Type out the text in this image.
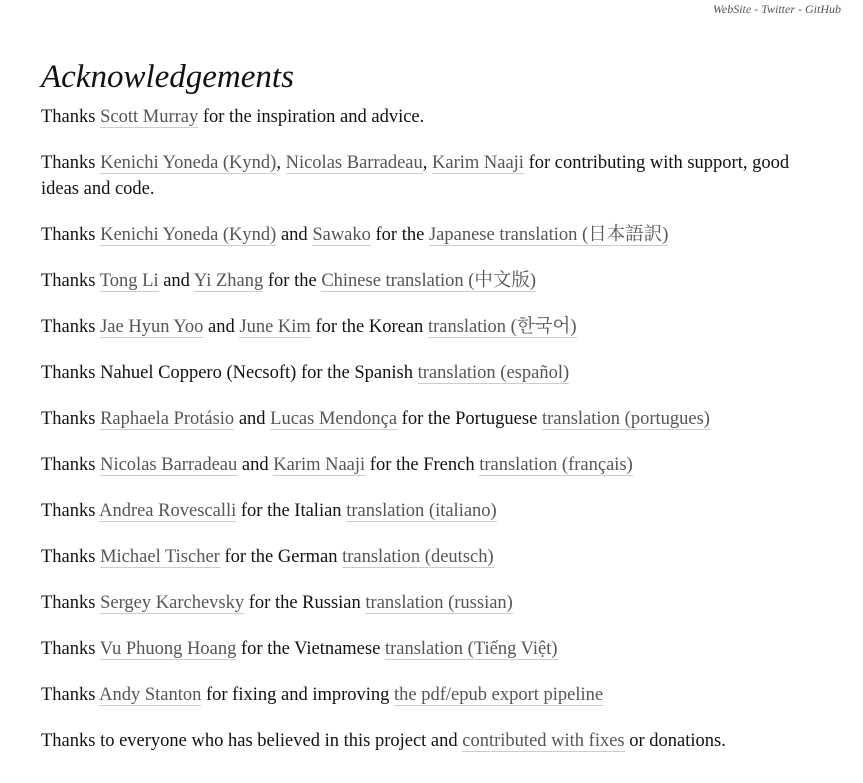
WebSite - Twitter - GitHub
Acknowledgements

Thanks Scott Murray for the inspiration and advice.

Thanks Kenichi Yoneda (Kynd), Nicolas Barradeau, Karim Naaji for contributing with support, good ideas and code.

Thanks Kenichi Yoneda (Kynd) and Sawako for the Japanese translation (日本語訳)

Thanks Tong Li and Yi Zhang for the Chinese translation (中文版)

Thanks Jae Hyun Yoo and June Kim for the Korean translation (한국어)

Thanks Nahuel Coppero (Necsoft) for the Spanish translation (español)

Thanks Raphaela Protásio and Lucas Mendonça for the Portuguese translation (portugues)

Thanks Nicolas Barradeau and Karim Naaji for the French translation (français)

Thanks Andrea Rovescalli for the Italian translation (italiano)

Thanks Michael Tischer for the German translation (deutsch)

Thanks Sergey Karchevsky for the Russian translation (russian)

Thanks Vu Phuong Hoang for the Vietnamese translation (Tiếng Việt)

Thanks Andy Stanton for fixing and improving the pdf/epub export pipeline

Thanks to everyone who has believed in this project and contributed with fixes or donations.
